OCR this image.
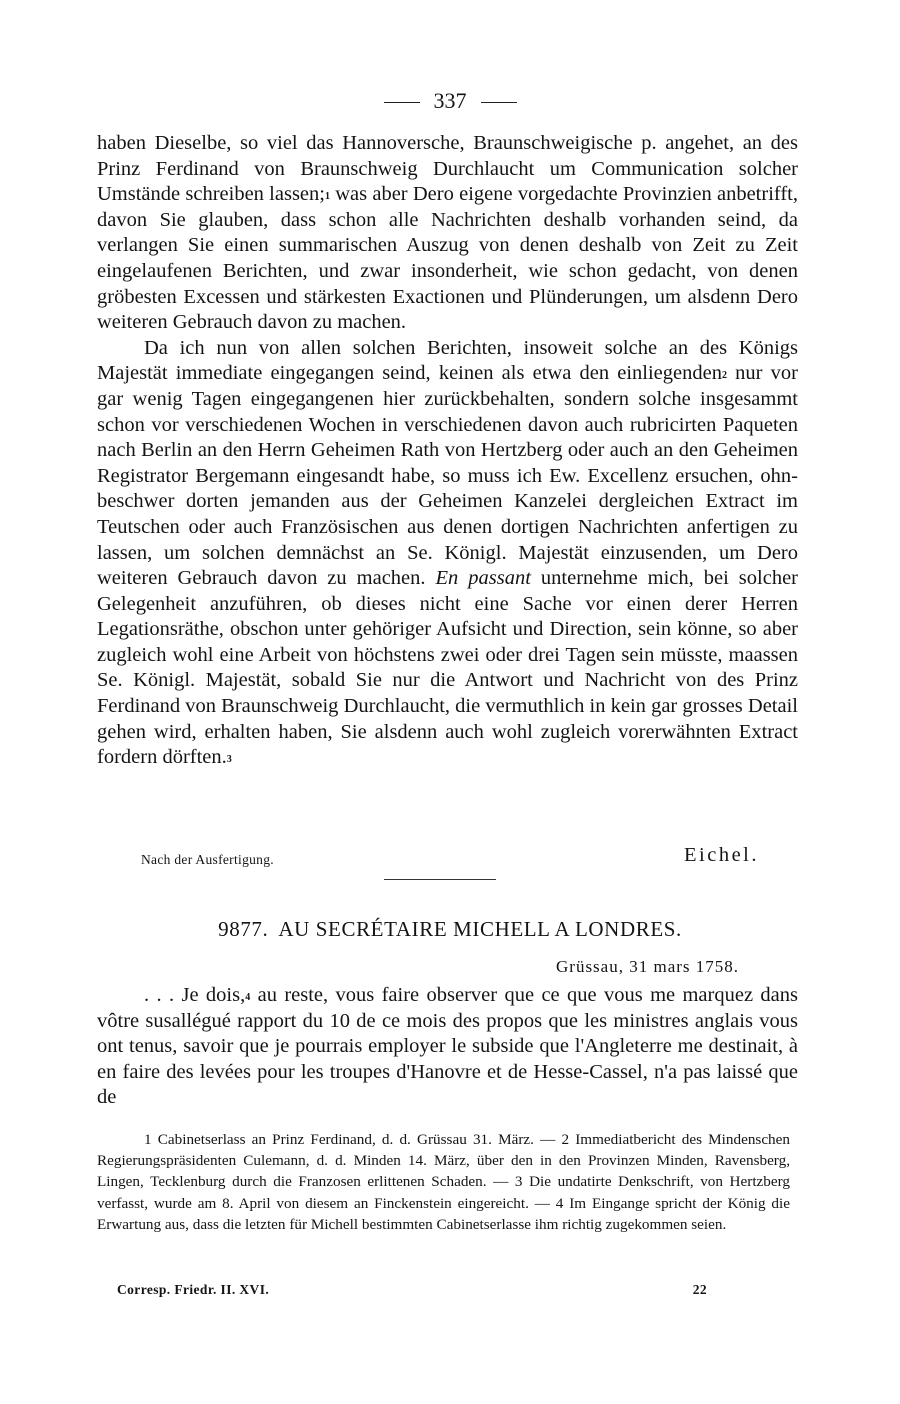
337

haben Dieselbe, so viel das Hannoversche, Braunschweigische p. angehet, an des Prinz Ferdinand von Braunschweig Durchlaucht um Communication solcher Umstände schreiben lassen;$^1$ was aber Dero eigene vorgedachte Provinzien anbetrifft, davon Sie glauben, dass schon alle Nachrichten deshalb vorhanden seind, da verlangen Sie einen summarischen Auszug von denen deshalb von Zeit zu Zeit eingelaufenen Berichten, und zwar insonderheit, wie schon gedacht, von denen gröbesten Excessen und stärkesten Exactionen und Plünderungen, um alsdenn Dero weiteren Gebrauch davon zu machen.

Da ich nun von allen solchen Berichten, insoweit solche an des Königs Majestät immediate eingegangen seind, keinen als etwa den einliegenden$^2$ nur vor gar wenig Tagen eingegangenen hier zurückbehalten, sondern solche insgesammt schon vor verschiedenen Wochen in verschiedenen davon auch rubricirten Paqueten nach Berlin an den Herrn Geheimen Rath von Hertzberg oder auch an den Geheimen Registrator Bergemann eingesandt habe, so muss ich Ew. Excellenz ersuchen, ohnbeschwer dorten jemanden aus der Geheimen Kanzelei dergleichen Extract im Teutschen oder auch Französischen aus denen dortigen Nachrichten anfertigen zu lassen, um solchen demnächst an Se. Königl. Majestät einzusenden, um Dero weiteren Gebrauch davon zu machen. En passant unternehme mich, bei solcher Gelegenheit anzuführen, ob dieses nicht eine Sache vor einen derer Herren Legationsräthe, obschon unter gehöriger Aufsicht und Direction, sein könne, so aber zugleich wohl eine Arbeit von höchstens zwei oder drei Tagen sein müsste, maassen Se. Königl. Majestät, sobald Sie nur die Antwort und Nachricht von des Prinz Ferdinand von Braunschweig Durchlaucht, die vermuthlich in kein gar grosses Detail gehen wird, erhalten haben, Sie alsdenn auch wohl zugleich vorerwähnten Extract fordern dörften.$^3$

Nach der Ausfertigung.	Eichel.
9877. AU SECRÉTAIRE MICHELL A LONDRES.
Grüssau, 31 mars 1758.

. . . Je dois,$^4$ au reste, vous faire observer que ce que vous me marquez dans vôtre susallégué rapport du 10 de ce mois des propos que les ministres anglais vous ont tenus, savoir que je pourrais employer le subside que l'Angleterre me destinait, à en faire des levées pour les troupes d'Hanovre et de Hesse-Cassel, n'a pas laissé que de

1 Cabinetserlass an Prinz Ferdinand, d. d. Grüssau 31. März. — 2 Immediatbericht des Mindenschen Regierungspräsidenten Culemann, d. d. Minden 14. März, über den in den Provinzen Minden, Ravensberg, Lingen, Tecklenburg durch die Franzosen erlittenen Schaden. — 3 Die undatirte Denkschrift, von Hertzberg verfasst, wurde am 8. April von diesem an Finckenstein eingereicht. — 4 Im Eingange spricht der König die Erwartung aus, dass die letzten für Michell bestimmten Cabinetserlasse ihm richtig zugekommen seien.

Corresp. Friedr. II. XVI.	22
